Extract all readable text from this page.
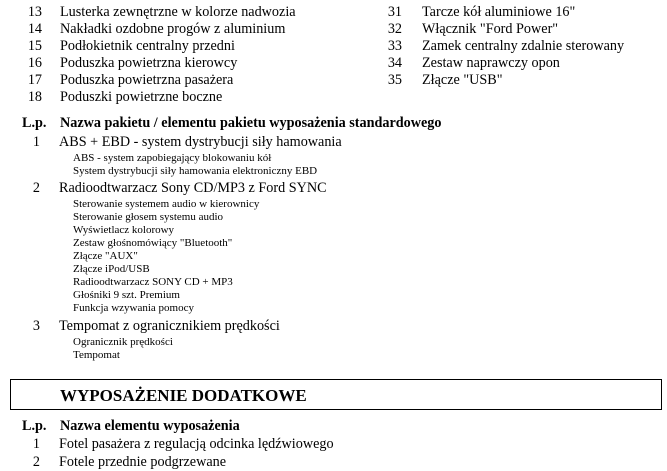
13 Lusterka zewnętrzne w kolorze nadwozia
14 Nakładki ozdobne progów z aluminium
15 Podłokietnik centralny przedni
16 Poduszka powietrzna kierowcy
17 Poduszka powietrzna pasażera
18 Poduszki powietrzne boczne
31 Tarcze kół aluminiowe 16"
32 Włącznik "Ford Power"
33 Zamek centralny zdalnie sterowany
34 Zestaw naprawczy opon
35 Złącze "USB"
L.p. Nazwa pakietu / elementu pakietu wyposażenia standardowego
1 ABS + EBD - system dystrybucji siły hamowania
ABS - system zapobiegający blokowaniu kół
System dystrybucji siły hamowania elektroniczny EBD
2 Radioodtwarzacz Sony CD/MP3 z Ford SYNC
Sterowanie systemem audio w kierownicy
Sterowanie głosem systemu audio
Wyświetlacz kolorowy
Zestaw głośnomówiący "Bluetooth"
Złącze "AUX"
Złącze iPod/USB
Radioodtwarzacz SONY CD + MP3
Głośniki 9 szt. Premium
Funkcja wzywania pomocy
3 Tempomat z ogranicznikiem prędkości
Ogranicznik prędkości
Tempomat
WYPOSAŻENIE DODATKOWE
L.p. Nazwa elementu wyposażenia
1 Fotel pasażera z regulacją odcinka lędźwiowego
2 Fotele przednie podgrzewane
